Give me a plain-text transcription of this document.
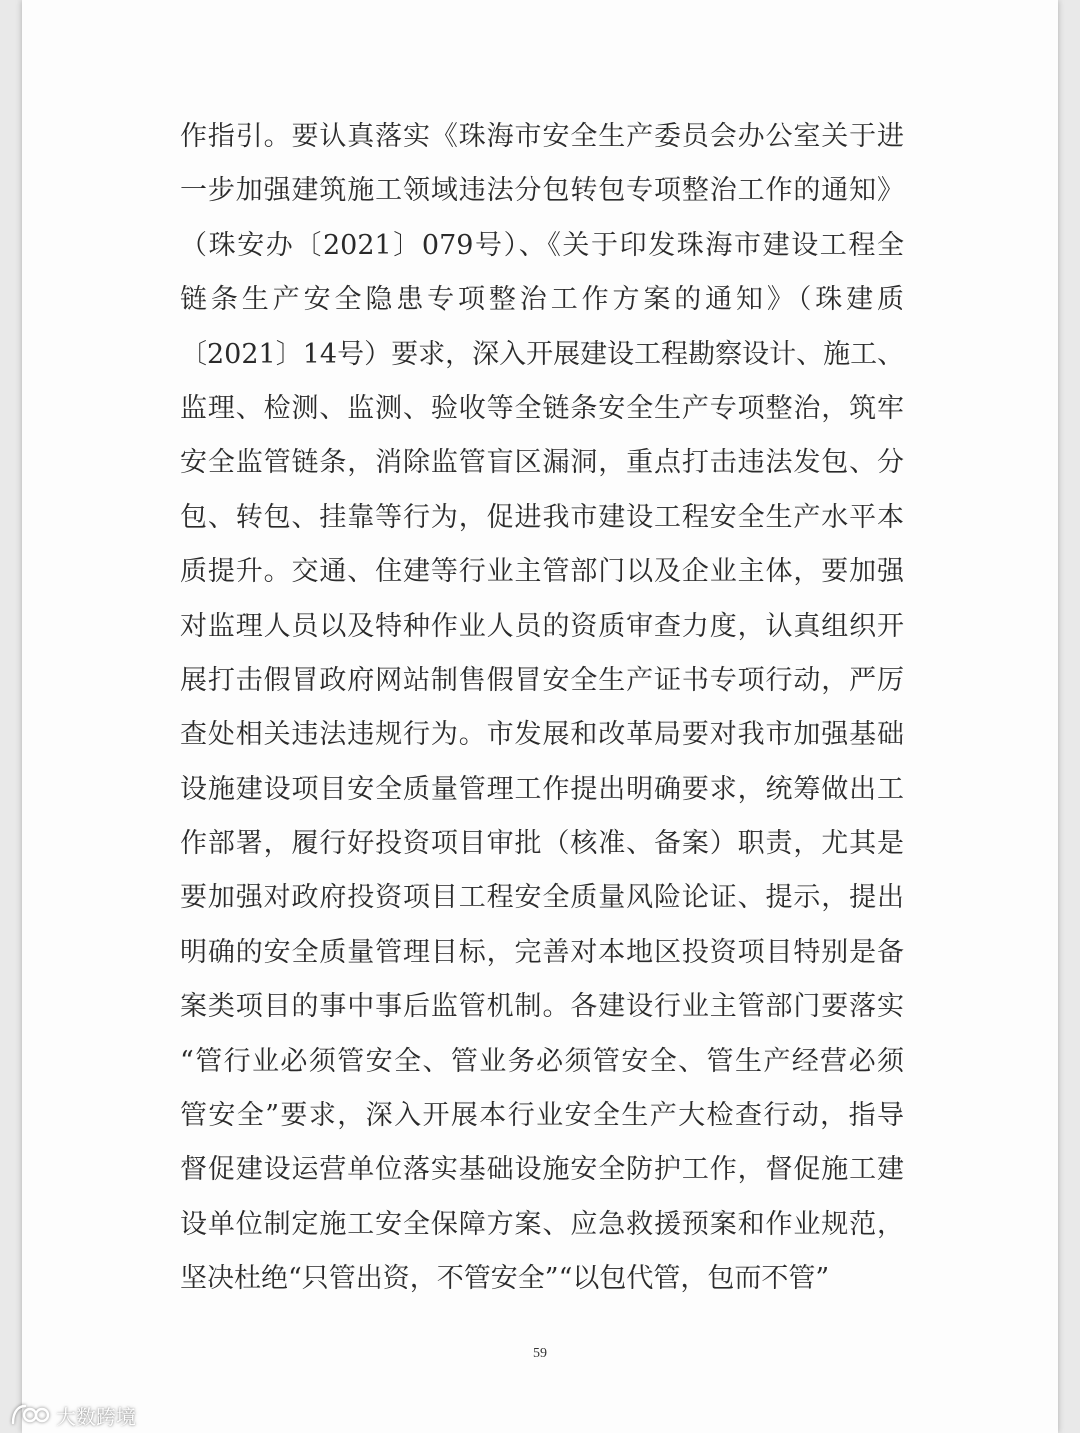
作指引。要认真落实《珠海市安全生产委员会办公室关于进
一步加强建筑施工领域违法分包转包专项整治工作的通知》
（珠安办〔2021〕079号）、《关于印发珠海市建设工程全
链条生产安全隐患专项整治工作方案的通知》（珠建质
〔2021〕14号）要求，深入开展建设工程勘察设计、施工、
监理、检测、监测、验收等全链条安全生产专项整治，筑牢
安全监管链条，消除监管盲区漏洞，重点打击违法发包、分
包、转包、挂靠等行为，促进我市建设工程安全生产水平本
质提升。交通、住建等行业主管部门以及企业主体，要加强
对监理人员以及特种作业人员的资质审查力度，认真组织开
展打击假冒政府网站制售假冒安全生产证书专项行动，严厉
查处相关违法违规行为。市发展和改革局要对我市加强基础
设施建设项目安全质量管理工作提出明确要求，统筹做出工
作部署，履行好投资项目审批（核准、备案）职责，尤其是
要加强对政府投资项目工程安全质量风险论证、提示，提出
明确的安全质量管理目标，完善对本地区投资项目特别是备
案类项目的事中事后监管机制。各建设行业主管部门要落实
“管行业必须管安全、管业务必须管安全、管生产经营必须
管安全”要求，深入开展本行业安全生产大检查行动，指导
督促建设运营单位落实基础设施安全防护工作，督促施工建
设单位制定施工安全保障方案、应急救援预案和作业规范，
坚决杜绝“只管出资，不管安全”“以包代管，包而不管”
59
大数跨境
